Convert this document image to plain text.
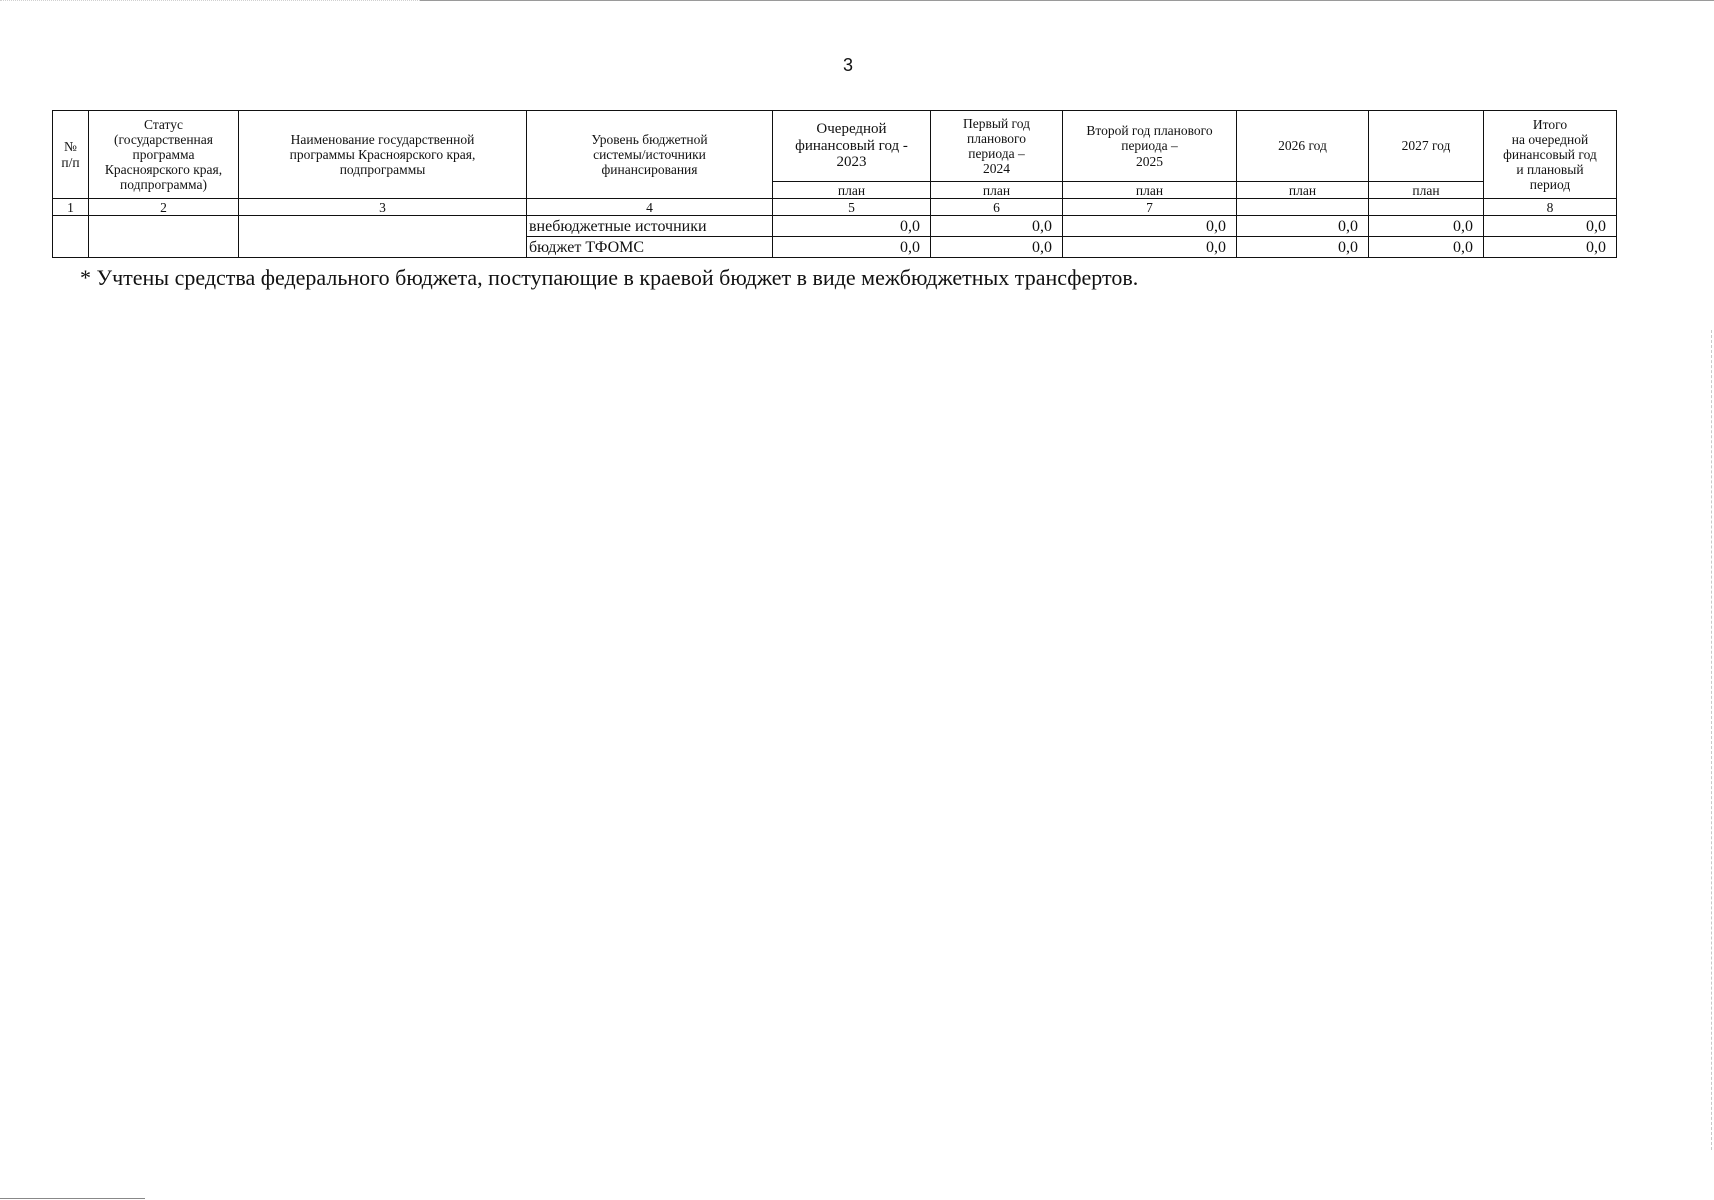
3
№
п/п	Статус
(государственная
программа
Красноярского края,
подпрограмма)	Наименование государственной
программы Красноярского края,
подпрограммы	Уровень бюджетной
системы/источники
финансирования	Очередной
финансовый год -
2023	Первый год
планового
периода –
2024	Второй год планового
периода –
2025	2026 год	2027 год	Итого
на очередной
финансовый год
и плановый
период
				план	план	план	план	план	
1	2	3	4	5	6	7			8
			внебюджетные источники	0,0	0,0	0,0	0,0	0,0	0,0
			бюджет ТФОМС	0,0	0,0	0,0	0,0	0,0	0,0
* Учтены средства федерального бюджета, поступающие в краевой бюджет в виде межбюджетных трансфертов.
